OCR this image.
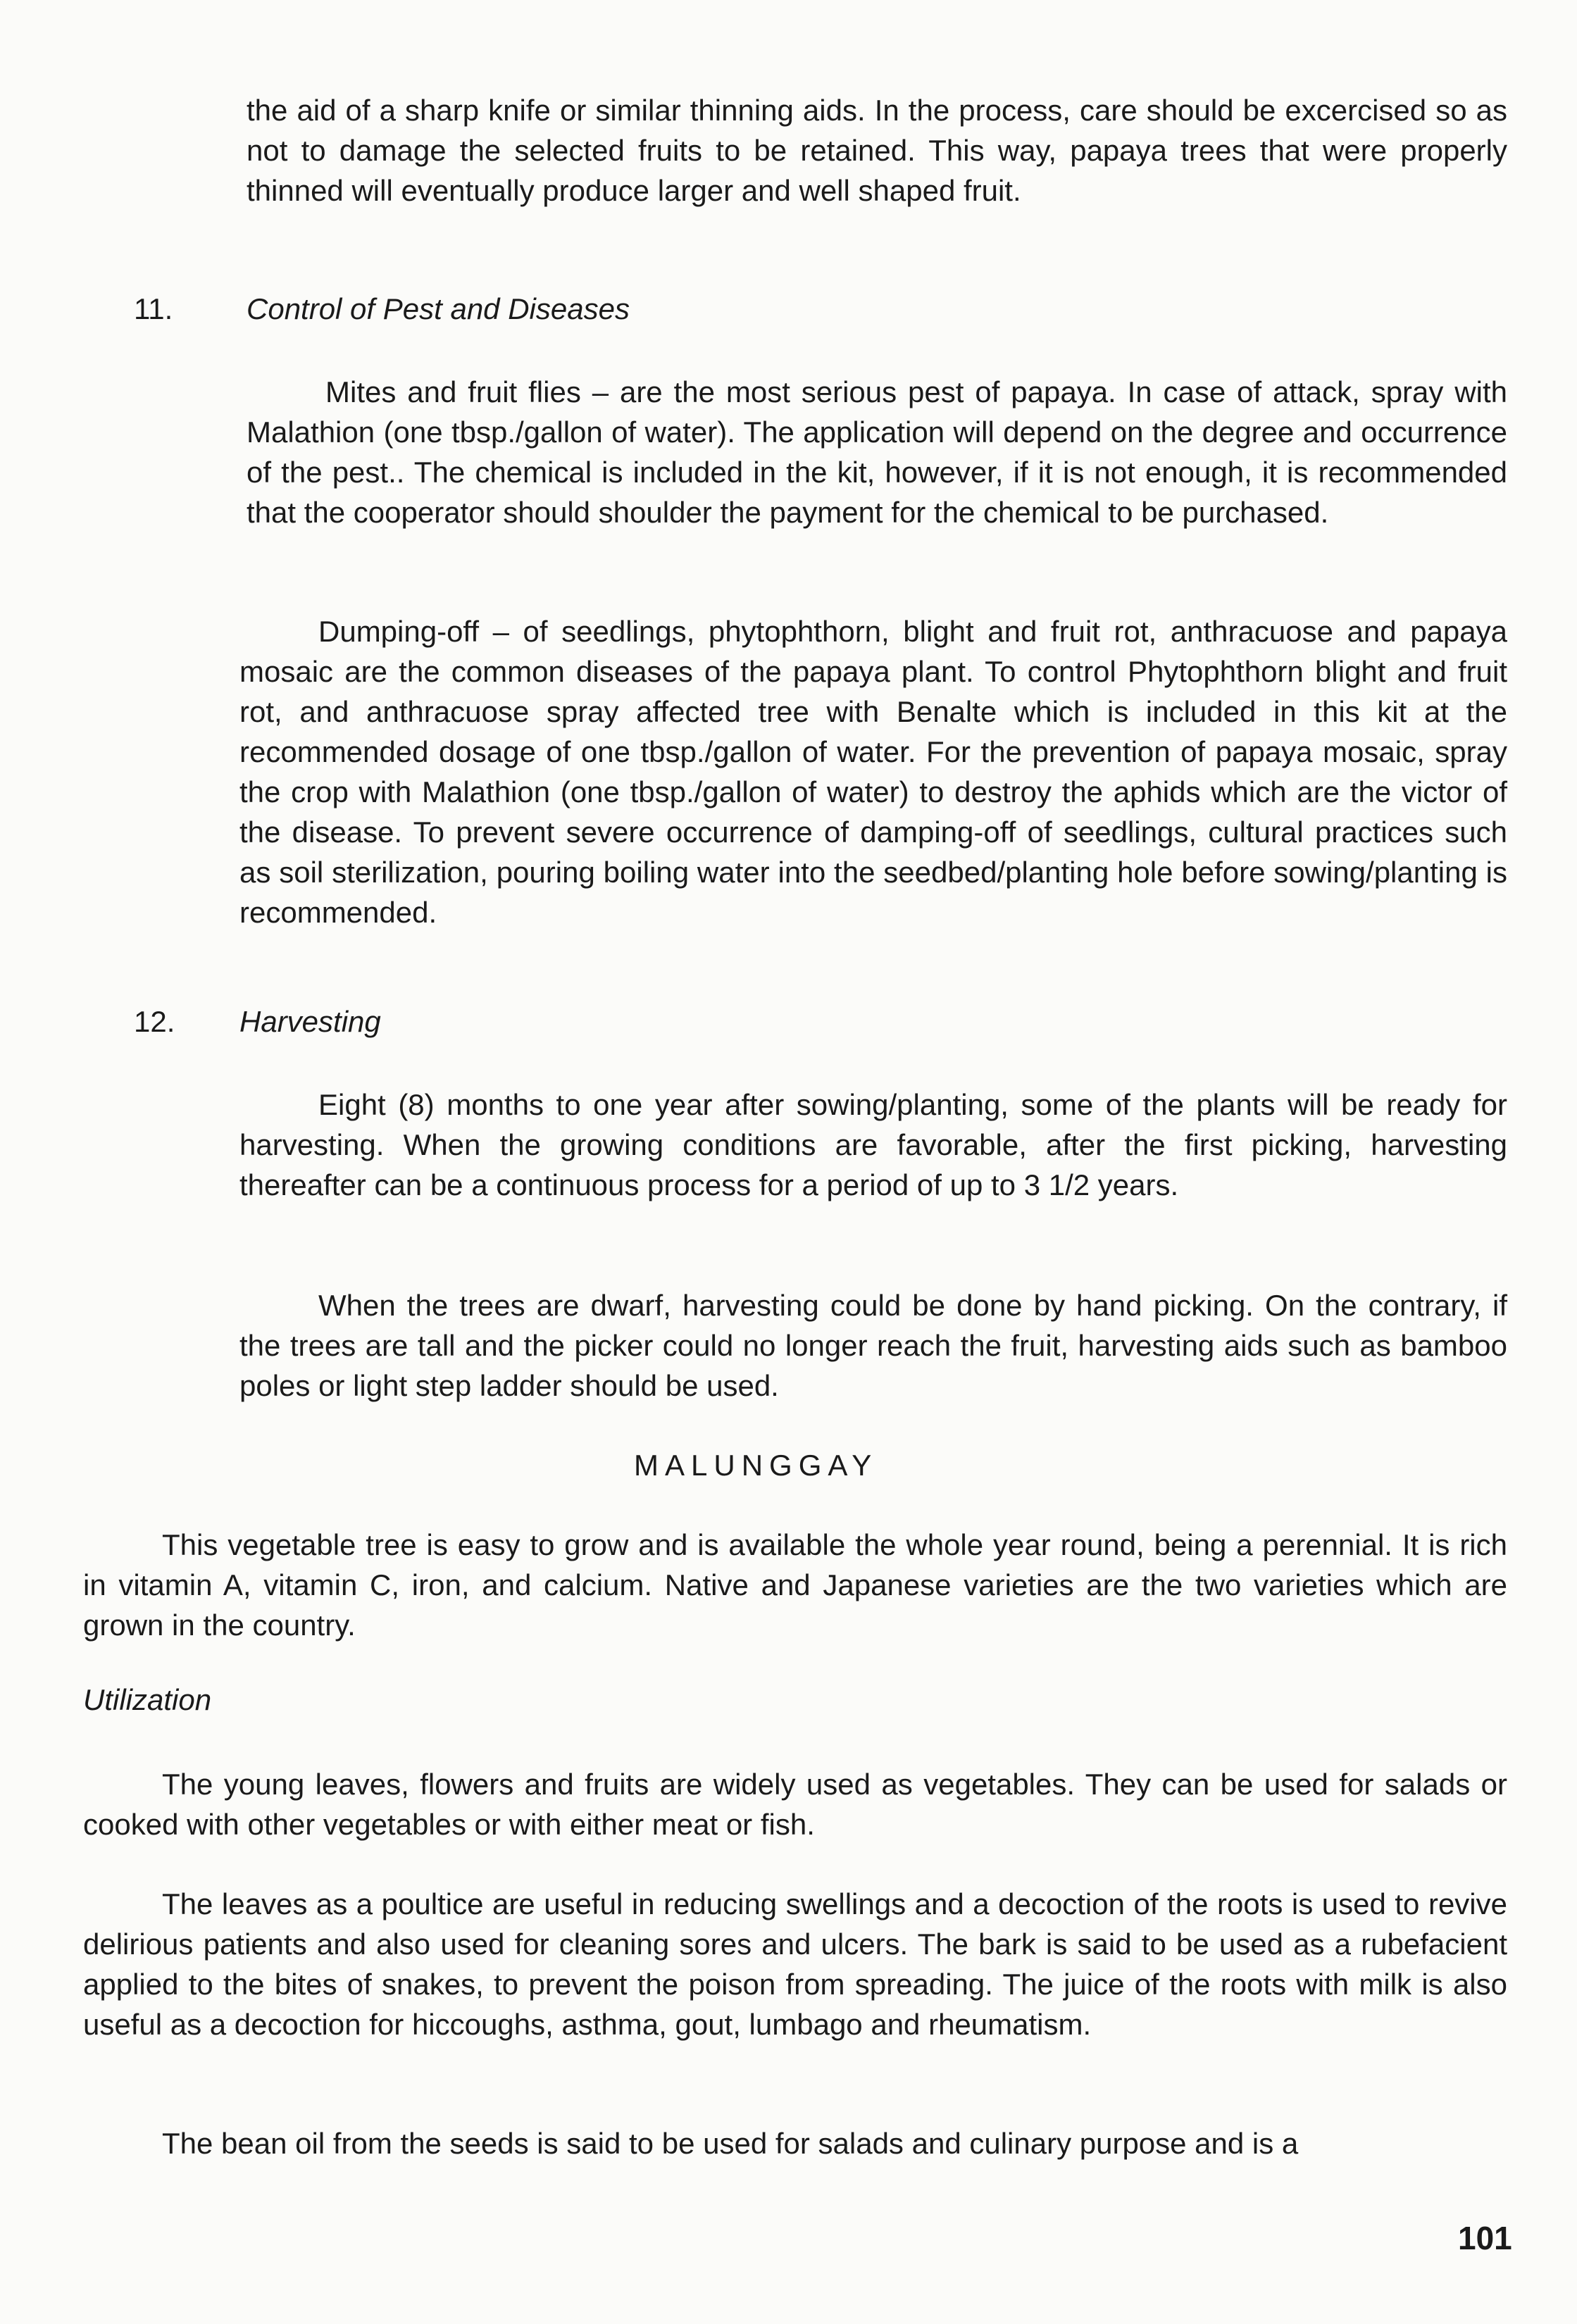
the aid of a sharp knife or similar thinning aids. In the process, care should be excercised so as not to damage the selected fruits to be retained. This way, papaya trees that were properly thinned will eventually produce larger and well shaped fruit.

11. Control of Pest and Diseases

Mites and fruit flies – are the most serious pest of papaya. In case of attack, spray with Malathion (one tbsp./gallon of water). The application will depend on the degree and occurrence of the pest.. The chemical is included in the kit, however, if it is not enough, it is recommended that the cooperator should shoulder the payment for the chemical to be purchased.

Dumping-off – of seedlings, phytophthorn, blight and fruit rot, anthracuose and papaya mosaic are the common diseases of the papaya plant. To control Phytophthorn blight and fruit rot, and anthracuose spray affected tree with Benalte which is included in this kit at the recommended dosage of one tbsp./gallon of water. For the prevention of papaya mosaic, spray the crop with Malathion (one tbsp./gallon of water) to destroy the aphids which are the victor of the disease. To prevent severe occurrence of damping-off of seedlings, cultural practices such as soil sterilization, pouring boiling water into the seedbed/planting hole before sowing/planting is recommended.

12. Harvesting

Eight (8) months to one year after sowing/planting, some of the plants will be ready for harvesting. When the growing conditions are favorable, after the first picking, harvesting thereafter can be a continuous process for a period of up to 3 1/2 years.

When the trees are dwarf, harvesting could be done by hand picking. On the contrary, if the trees are tall and the picker could no longer reach the fruit, harvesting aids such as bamboo poles or light step ladder should be used.

MALUNGGAY

This vegetable tree is easy to grow and is available the whole year round, being a perennial. It is rich in vitamin A, vitamin C, iron, and calcium. Native and Japanese varieties are the two varieties which are grown in the country.

Utilization

The young leaves, flowers and fruits are widely used as vegetables. They can be used for salads or cooked with other vegetables or with either meat or fish.

The leaves as a poultice are useful in reducing swellings and a decoction of the roots is used to revive delirious patients and also used for cleaning sores and ulcers. The bark is said to be used as a rubefacient applied to the bites of snakes, to prevent the poison from spreading. The juice of the roots with milk is also useful as a decoction for hiccoughs, asthma, gout, lumbago and rheumatism.

The bean oil from the seeds is said to be used for salads and culinary purpose and is a

101
